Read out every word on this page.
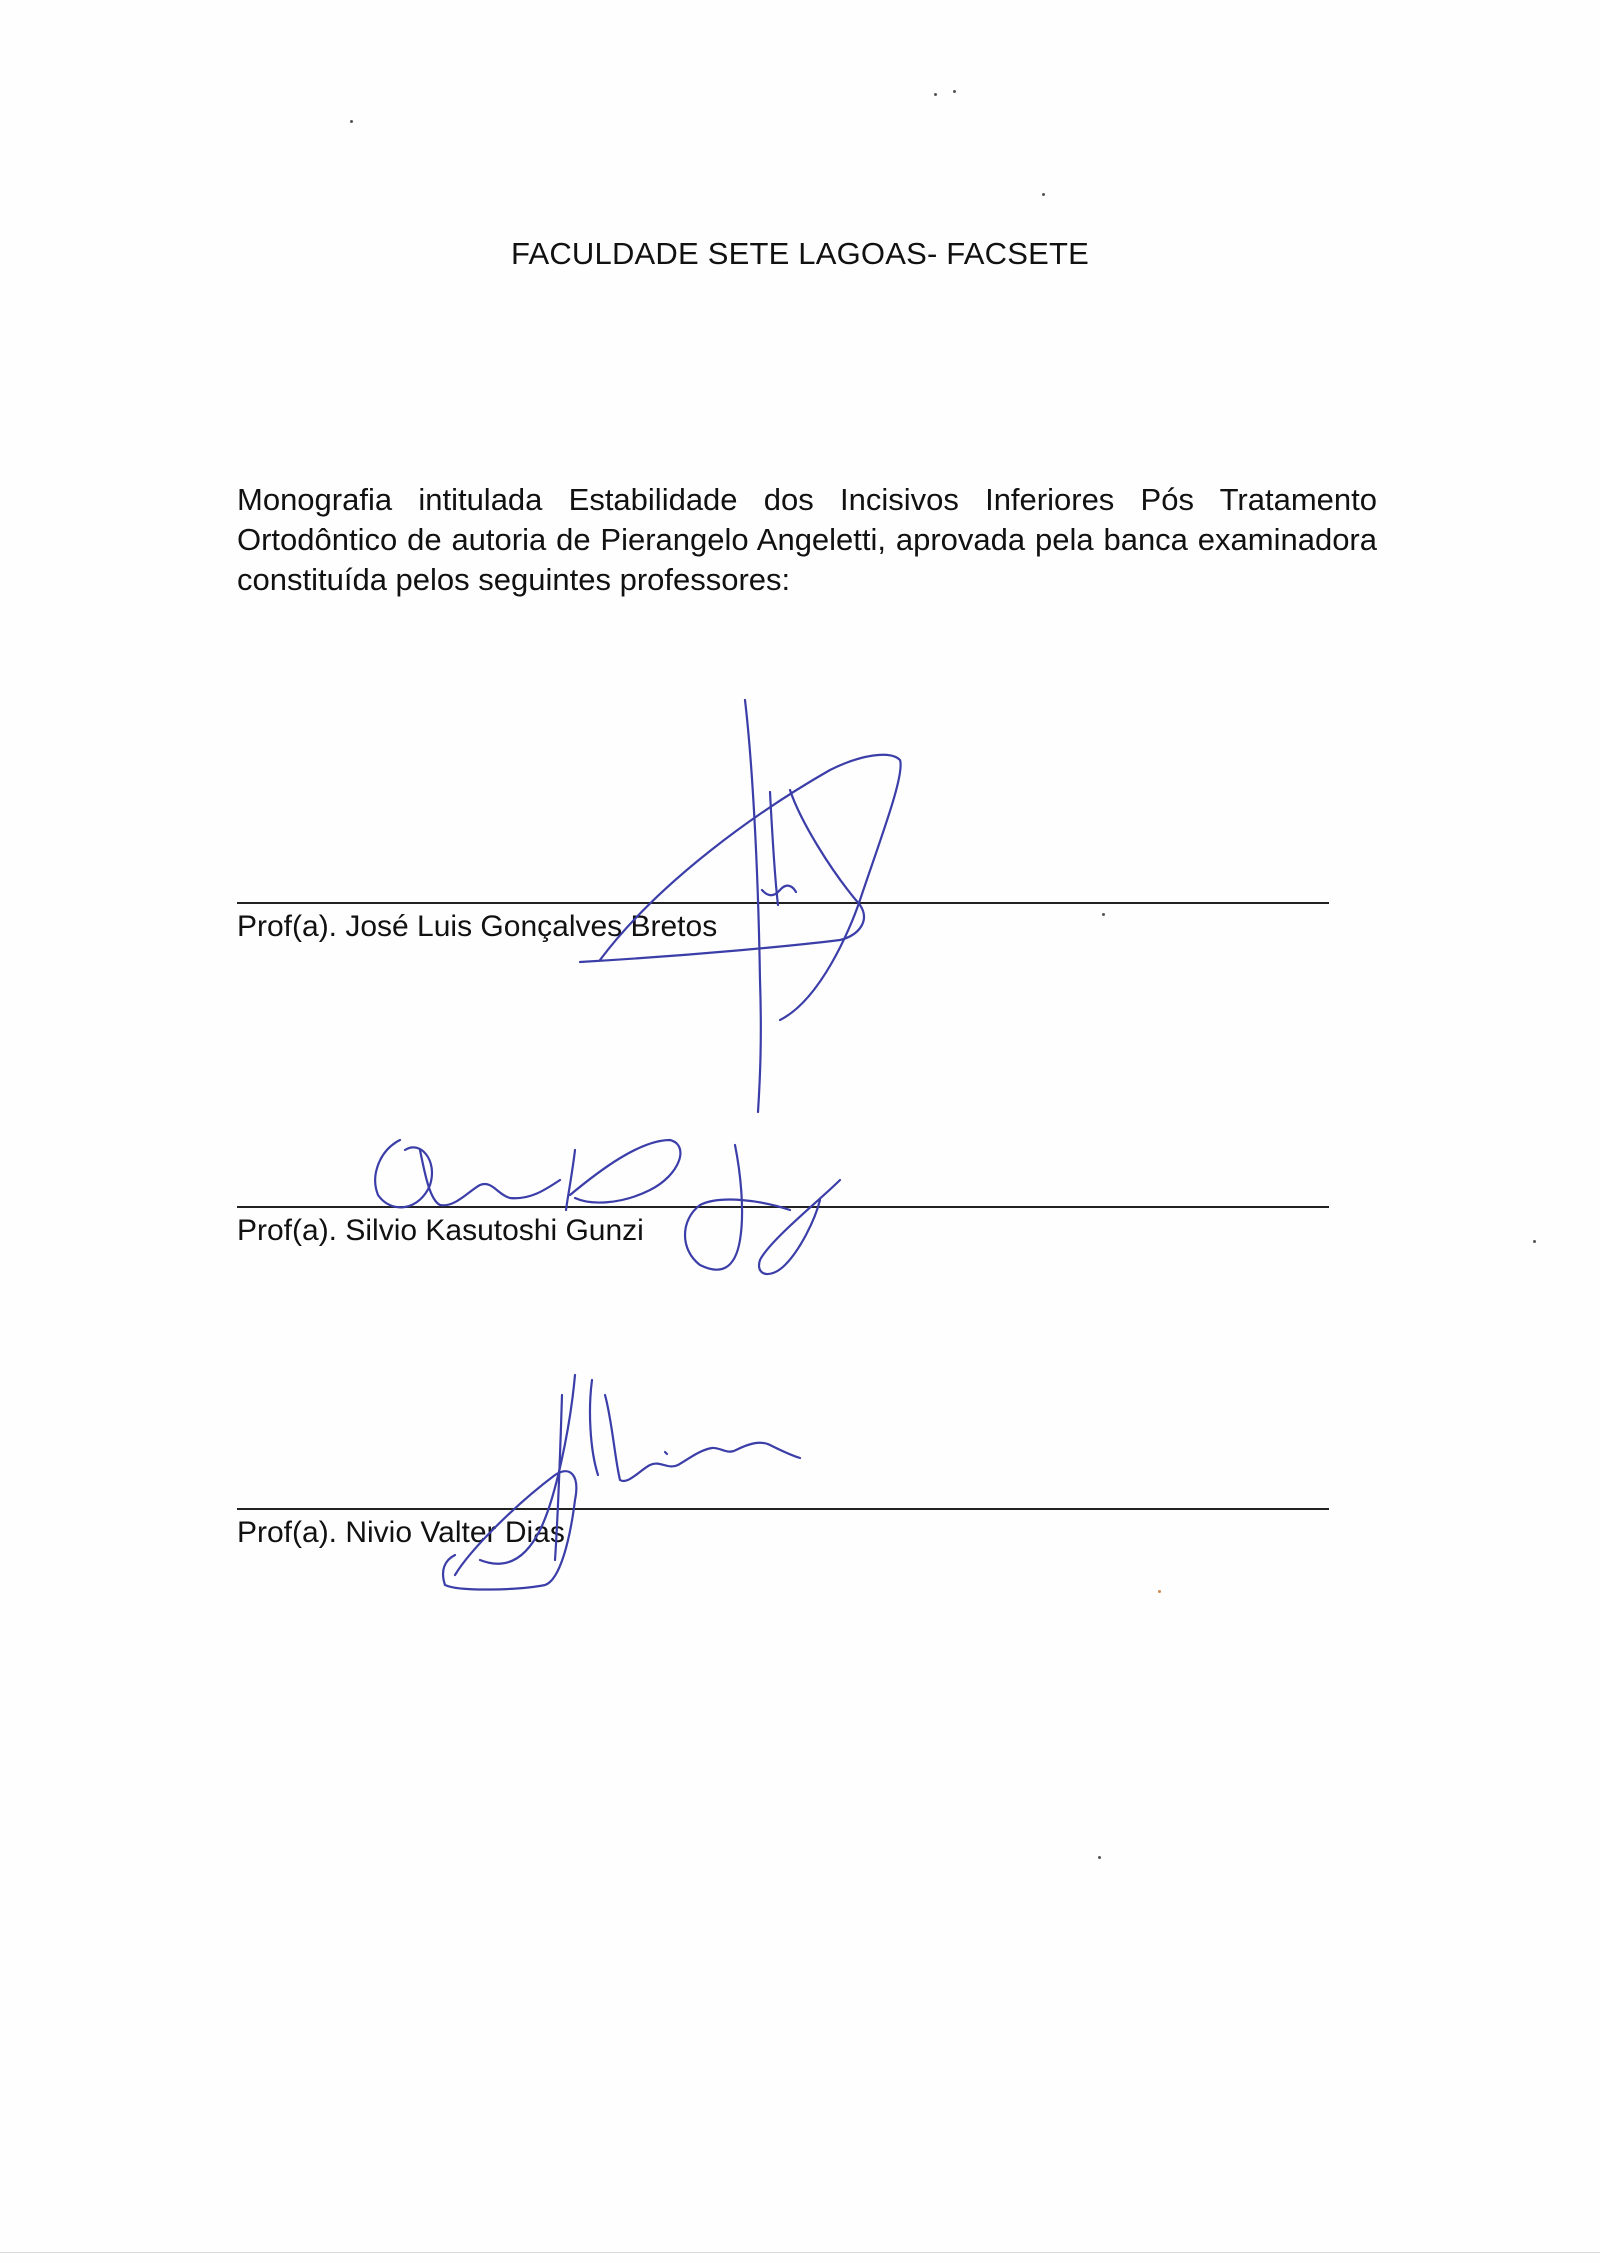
FACULDADE SETE LAGOAS- FACSETE

Monografia intitulada Estabilidade dos Incisivos Inferiores Pós Tratamento Ortodôntico de autoria de Pierangelo Angeletti, aprovada pela banca examinadora constituída pelos seguintes professores:

Prof(a). José Luis Gonçalves Bretos
Prof(a). Silvio Kasutoshi Gunzi
Prof(a). Nivio Valter Dias
